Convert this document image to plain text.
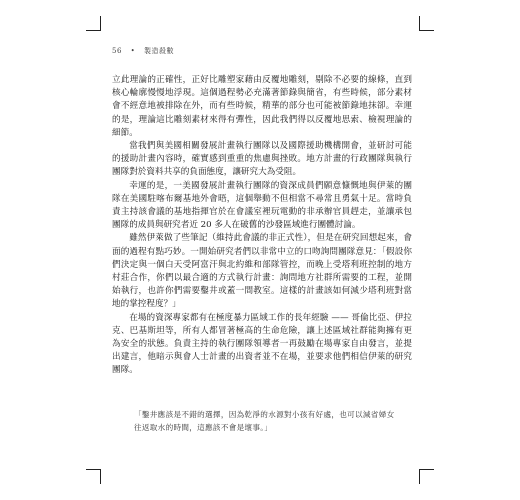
56 • 製造殺數

立此理論的正確性，正好比雕塑家藉由反覆地雕刻，剔除不必要的線條，直到核心輪廓慢慢地浮現。這個過程勢必充滿著節錄與簡省，有些時候，部分素材會不經意地被排除在外，而有些時候，精華的部分也可能被節錄地抹卻。幸運的是，理論這比雕刻素材來得有彈性，因此我們得以反覆地思索、檢視理論的細節。

當我們與美國相關發展計畫執行團隊以及國際援助機構開會，並研討可能的援助計畫內容時，確實感到重重的焦慮與挫敗。地方計畫的行政團隊與執行團隊對於資料共享的負面態度，讓研究大為受阻。

幸運的是，一美國發展計畫執行團隊的資深成員們願意慷慨地與伊萊的團隊在美國駐喀布爾基地外會晤，這個舉動不但相當不尋常且勇氣十足。當時負責主持該會議的基地指揮官於在會議室裡玩電動的非承辦官員趕走，並讓承包團隊的成員與研究者近 20 多人在破舊的沙發區域進行團體討論。

雖然伊萊做了些筆記（維持此會議的非正式性），但是在研究回想起來，會面的過程有點巧妙。一開始研究者們以非常中立的口吻詢問團隊意見：「假設你們決定與一個白天受阿富汗與北約維和部隊管控，而晚上受塔利班控制的地方村莊合作，你們以最合適的方式執行計畫：詢問地方社群所需要的工程，並開始執行，也許你們需要鑿井或蓋一間教室。這樣的計畫該如何減少塔利班對當地的掌控程度？」

在場的資深專家都有在極度暴力區域工作的長年經驗 —— 哥倫比亞、伊拉克、巴基斯坦等，所有人都冒著極高的生命危險，讓上述區域社群能夠擁有更為安全的狀態。負責主持的執行團隊領導者一再鼓勵在場專家自由發言，並提出建言，他暗示與會人士計畫的出資者並不在場，並要求他們相信伊萊的研究團隊。

「鑿井應該是不錯的選擇，因為乾淨的水源對小孩有好處，也可以減省婦女往返取水的時間，這應該不會是壞事。」
